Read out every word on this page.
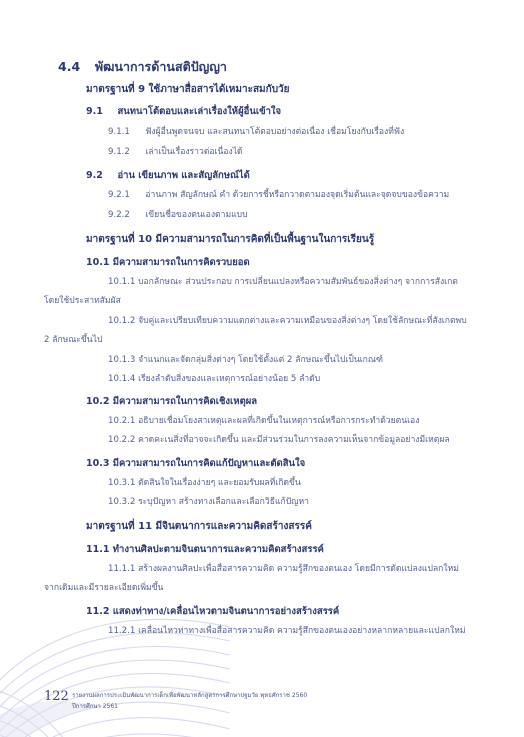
4.4 พัฒนาการด้านสติปัญญา
มาตรฐานที่ 9 ใช้ภาษาสื่อสารได้เหมาะสมกับวัย
9.1 สนทนาโต้ตอบและเล่าเรื่องให้ผู้อื่นเข้าใจ
9.1.1 ฟังผู้อื่นพูดจนจบ และสนทนาโต้ตอบอย่างต่อเนื่อง เชื่อมโยงกับเรื่องที่ฟัง
9.1.2 เล่าเป็นเรื่องราวต่อเนื่องได้
9.2 อ่าน เขียนภาพ และสัญลักษณ์ได้
9.2.1 อ่านภาพ สัญลักษณ์ คำ ด้วยการชี้หรือกวาดตามองจุดเริ่มต้นและจุดจบของข้อความ
9.2.2 เขียนชื่อของตนเองตามแบบ
มาตรฐานที่ 10 มีความสามารถในการคิดที่เป็นพื้นฐานในการเรียนรู้
10.1 มีความสามารถในการคิดรวบยอด
10.1.1 บอกลักษณะ ส่วนประกอบ การเปลี่ยนแปลงหรือความสัมพันธ์ของสิ่งต่างๆ จากการสังเกต
โดยใช้ประสาทสัมผัส
10.1.2 จับคู่และเปรียบเทียบความแตกต่างและความเหมือนของสิ่งต่างๆ โดยใช้ลักษณะที่สังเกตพบ
2 ลักษณะขึ้นไป
10.1.3 จำแนกและจัดกลุ่มสิ่งต่างๆ โดยใช้ตั้งแต่ 2 ลักษณะขึ้นไปเป็นเกณฑ์
10.1.4 เรียงลำดับสิ่งของและเหตุการณ์อย่างน้อย 5 ลำดับ
10.2 มีความสามารถในการคิดเชิงเหตุผล
10.2.1 อธิบายเชื่อมโยงสาเหตุและผลที่เกิดขึ้นในเหตุการณ์หรือการกระทำด้วยตนเอง
10.2.2 คาดคะเนสิ่งที่อาจจะเกิดขึ้น และมีส่วนร่วมในการลงความเห็นจากข้อมูลอย่างมีเหตุผล
10.3 มีความสามารถในการคิดแก้ปัญหาและตัดสินใจ
10.3.1 ตัดสินใจในเรื่องง่ายๆ และยอมรับผลที่เกิดขึ้น
10.3.2 ระบุปัญหา สร้างทางเลือกและเลือกวิธีแก้ปัญหา
มาตรฐานที่ 11 มีจินตนาการและความคิดสร้างสรรค์
11.1 ทำงานศิลปะตามจินตนาการและความคิดสร้างสรรค์
11.1.1 สร้างผลงานศิลปะเพื่อสื่อสารความคิด ความรู้สึกของตนเอง โดยมีการดัดแปลงแปลกใหม่
จากเดิมและมีรายละเอียดเพิ่มขึ้น
11.2 แสดงท่าทาง/เคลื่อนไหวตามจินตนาการอย่างสร้างสรรค์
11.2.1 เคลื่อนไหวท่าทางเพื่อสื่อสารความคิด ความรู้สึกของตนเองอย่างหลากหลายและแปลกใหม่
122 รายงานผลการประเมินพัฒนาการเด็กเพื่อพัฒนาหลักสูตรการศึกษาปฐมวัย พุทธศักราช 2560
ปีการศึกษา 2561
